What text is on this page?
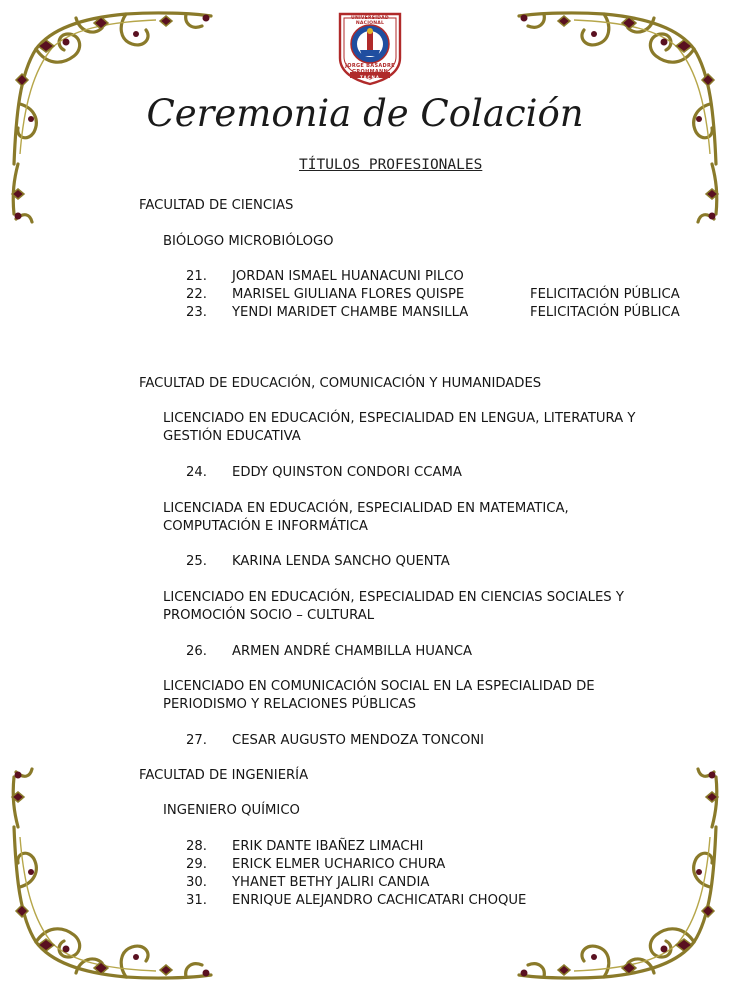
UNIVERSIDAD NACIONAL
JORGE BASADRE GROHMANN
TACNA
Ceremonia de Colación
TÍTULOS PROFESIONALES
FACULTAD DE CIENCIAS
BIÓLOGO MICROBIÓLOGO
21. JORDAN ISMAEL HUANACUNI PILCO
22. MARISEL GIULIANA FLORES QUISPE	FELICITACIÓN PÚBLICA
23. YENDI MARIDET CHAMBE MANSILLA	FELICITACIÓN PÚBLICA
FACULTAD DE EDUCACIÓN, COMUNICACIÓN Y HUMANIDADES
LICENCIADO EN EDUCACIÓN, ESPECIALIDAD EN LENGUA, LITERATURA Y
GESTIÓN EDUCATIVA
24. EDDY QUINSTON CONDORI CCAMA
LICENCIADA EN EDUCACIÓN, ESPECIALIDAD EN MATEMATICA,
COMPUTACIÓN E INFORMÁTICA
25. KARINA LENDA SANCHO QUENTA
LICENCIADO EN EDUCACIÓN, ESPECIALIDAD EN CIENCIAS SOCIALES Y
PROMOCIÓN SOCIO – CULTURAL
26. ARMEN ANDRÉ CHAMBILLA HUANCA
LICENCIADO EN COMUNICACIÓN SOCIAL EN LA ESPECIALIDAD DE
PERIODISMO Y RELACIONES PÚBLICAS
27. CESAR AUGUSTO MENDOZA TONCONI
FACULTAD DE INGENIERÍA
INGENIERO QUÍMICO
28. ERIK DANTE IBAÑEZ LIMACHI
29. ERICK ELMER UCHARICO CHURA
30. YHANET BETHY JALIRI CANDIA
31. ENRIQUE ALEJANDRO CACHICATARI CHOQUE
